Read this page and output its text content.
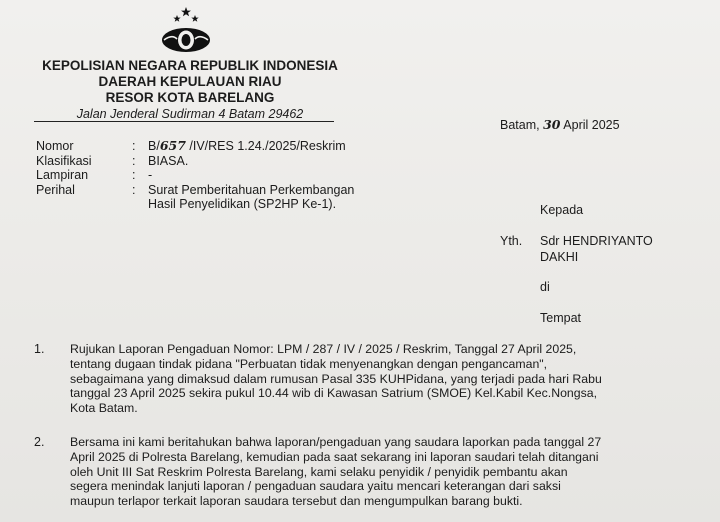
KEPOLISIAN NEGARA REPUBLIK INDONESIA
DAERAH KEPULAUAN RIAU
RESOR KOTA BARELANG
Jalan Jenderal Sudirman 4 Batam 29462
Batam, 30 April 2025
Nomor	: B/657 /IV/RES 1.24./2025/Reskrim
Klasifikasi	: BIASA.
Lampiran	: -
Perihal	: Surat Pemberitahuan Perkembangan
Hasil Penyelidikan (SP2HP Ke-1).	Kepada
Yth. Sdr HENDRIYANTO
DAKHI
di
Tempat
1. Rujukan Laporan Pengaduan Nomor: LPM / 287 / IV / 2025 / Reskrim, Tanggal 27 April 2025,
tentang dugaan tindak pidana "Perbuatan tidak menyenangkan dengan pengancaman",
sebagaimana yang dimaksud dalam rumusan Pasal 335 KUHPidana, yang terjadi pada hari Rabu
tanggal 23 April 2025 sekira pukul 10.44 wib di Kawasan Satrium (SMOE) Kel.Kabil Kec.Nongsa,
Kota Batam.
2. Bersama ini kami beritahukan bahwa laporan/pengaduan yang saudara laporkan pada tanggal 27
April 2025 di Polresta Barelang, kemudian pada saat sekarang ini laporan saudari telah ditangani
oleh Unit III Sat Reskrim Polresta Barelang, kami selaku penyidik / penyidik pembantu akan
segera menindak lanjuti laporan / pengaduan saudara yaitu mencari keterangan dari saksi
maupun terlapor terkait laporan saudara tersebut dan mengumpulkan barang bukti.
